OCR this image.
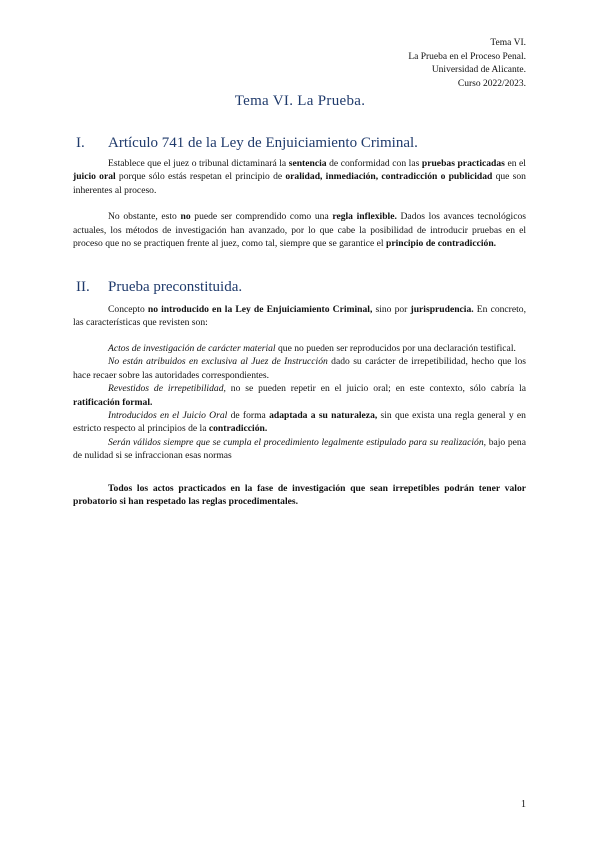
Tema VI.
La Prueba en el Proceso Penal.
Universidad de Alicante.
Curso 2022/2023.
Tema VI. La Prueba.
I. Artículo 741 de la Ley de Enjuiciamiento Criminal.

Establece que el juez o tribunal dictaminará la sentencia de conformidad con las pruebas practicadas en el juicio oral porque sólo estás respetan el principio de oralidad, inmediación, contradicción o publicidad que son inherentes al proceso.

No obstante, esto no puede ser comprendido como una regla inflexible. Dados los avances tecnológicos actuales, los métodos de investigación han avanzado, por lo que cabe la posibilidad de introducir pruebas en el proceso que no se practiquen frente al juez, como tal, siempre que se garantice el principio de contradicción.

II. Prueba preconstituida.

Concepto no introducido en la Ley de Enjuiciamiento Criminal, sino por jurisprudencia. En concreto, las características que revisten son:

Actos de investigación de carácter material que no pueden ser reproducidos por una declaración testifical.

No están atribuidos en exclusiva al Juez de Instrucción dado su carácter de irrepetibilidad, hecho que los hace recaer sobre las autoridades correspondientes.

Revestidos de irrepetibilidad, no se pueden repetir en el juicio oral; en este contexto, sólo cabría la ratificación formal.

Introducidos en el Juicio Oral de forma adaptada a su naturaleza, sin que exista una regla general y en estricto respecto al principios de la contradicción.

Serán válidos siempre que se cumpla el procedimiento legalmente estipulado para su realización, bajo pena de nulidad si se infraccionan esas normas

Todos los actos practicados en la fase de investigación que sean irrepetibles podrán tener valor probatorio si han respetado las reglas procedimentales.

1
